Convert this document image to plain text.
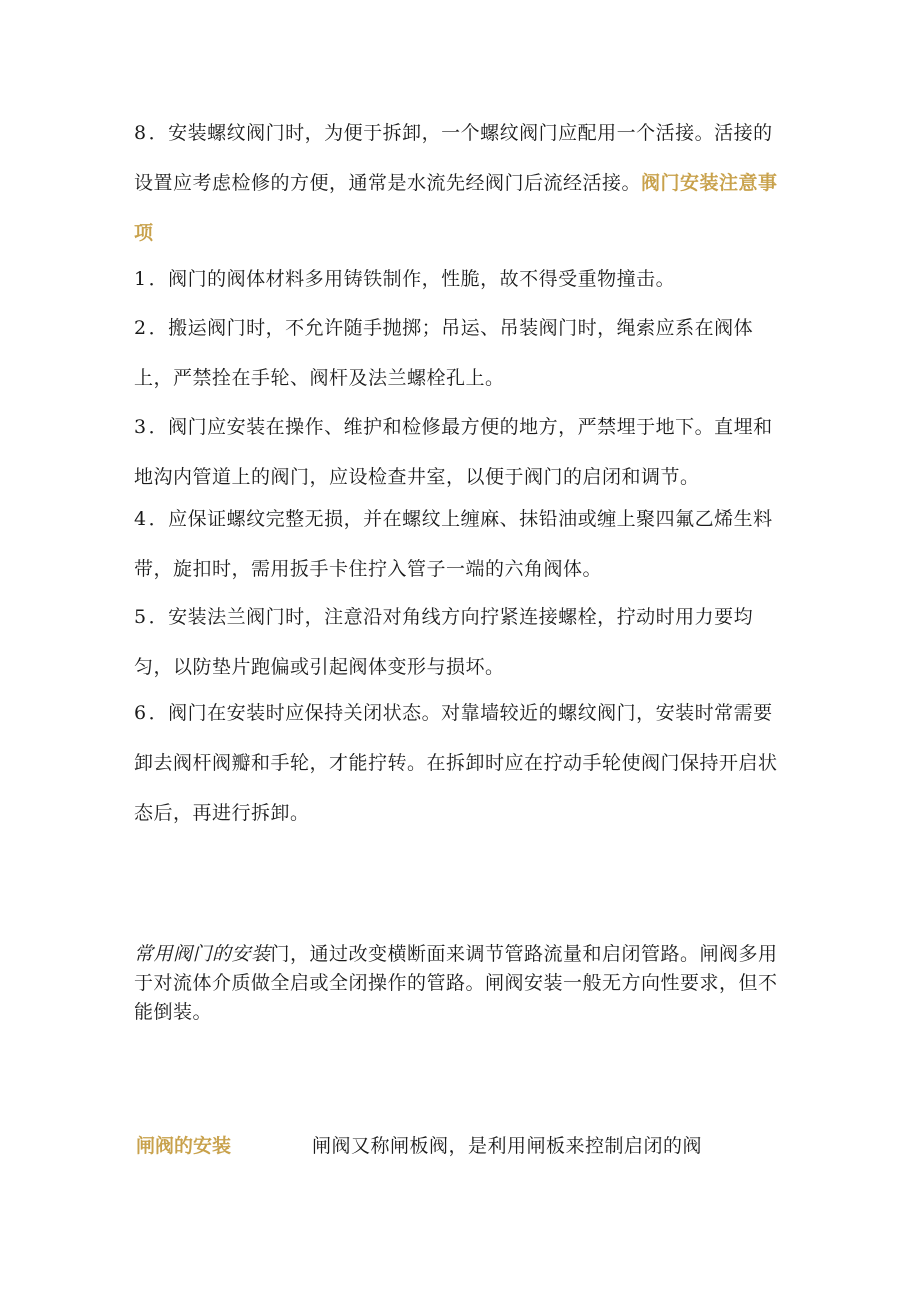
8 ．安装螺纹阀门时，为便于拆卸，一个螺纹阀门应配用一个活接。活接的设置应考虑检修的方便，通常是水流先经阀门后流经活接。阀门安装注意事项

1 ．阀门的阀体材料多用铸铁制作，性脆，故不得受重物撞击。

2 ．搬运阀门时，不允许随手抛掷；吊运、吊装阀门时，绳索应系在阀体上，严禁拴在手轮、阀杆及法兰螺栓孔上。

3 ．阀门应安装在操作、维护和检修最方便的地方，严禁埋于地下。直埋和地沟内管道上的阀门，应设检查井室，以便于阀门的启闭和调节。

4 ．应保证螺纹完整无损，并在螺纹上缠麻、抹铅油或缠上聚四氟乙烯生料带，旋扣时，需用扳手卡住拧入管子一端的六角阀体。

5 ．安装法兰阀门时，注意沿对角线方向拧紧连接螺栓，拧动时用力要均匀，以防垫片跑偏或引起阀体变形与损坏。

6 ．阀门在安装时应保持关闭状态。对靠墙较近的螺纹阀门，安装时常需要卸去阀杆阀瓣和手轮，才能拧转。在拆卸时应在拧动手轮使阀门保持开启状态后，再进行拆卸。

常用阀门的安装门，通过改变横断面来调节管路流量和启闭管路。闸阀多用于对流体介质做全启或全闭操作的管路。闸阀安装一般无方向性要求，但不能倒装。

闸阀的安装	闸阀又称闸板阀，是利用闸板来控制启闭的阀
